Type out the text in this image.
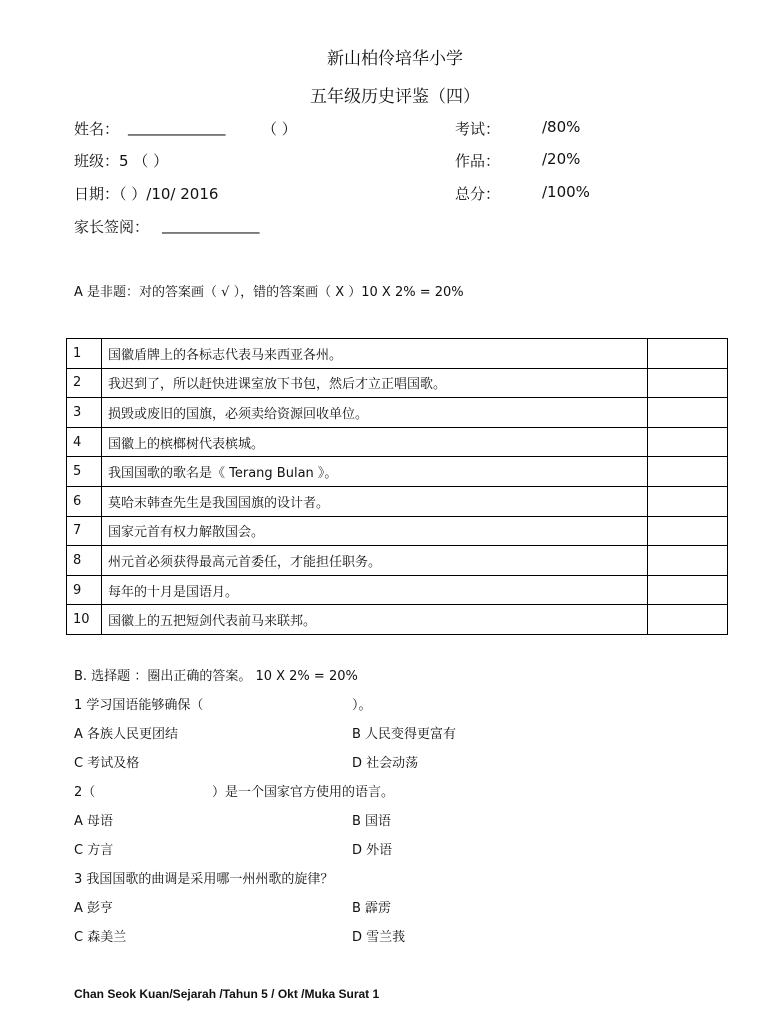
新山柏伶培华小学
五年级历史评鉴（四）
姓名： _____________ （ ）
班级：5 （ ）
日期：（ ）/10/ 2016
家长签阅： _____________
考试：	/80%
作品：	/20%
总分：	/100%
A 是非题：对的答案画（ √ ），错的答案画（ X ）10 X 2% = 20%
1	国徽盾牌上的各标志代表马来西亚各州。	
2	我迟到了，所以赶快进课室放下书包，然后才立正唱国歌。	
3	损毁或废旧的国旗，必须卖给资源回收单位。	
4	国徽上的槟榔树代表槟城。	
5	我国国歌的歌名是《 Terang Bulan 》。	
6	莫哈末韩查先生是我国国旗的设计者。	
7	国家元首有权力解散国会。	
8	州元首必须获得最高元首委任，才能担任职务。	
9	每年的十月是国语月。	
10	国徽上的五把短剑代表前马来联邦。	
B. 选择题 ：圈出正确的答案。 10 X 2% = 20%
1 学习国语能够确保（	）。
A 各族人民更团结	B 人民变得更富有
C 考试及格	D 社会动荡
2（	）是一个国家官方使用的语言。
A 母语	B 国语
C 方言	D 外语
3 我国国歌的曲调是采用哪一州州歌的旋律？
A 彭亨	B 霹雳
C 森美兰	D 雪兰莪
Chan Seok Kuan/Sejarah /Tahun 5 / Okt /Muka Surat 1
